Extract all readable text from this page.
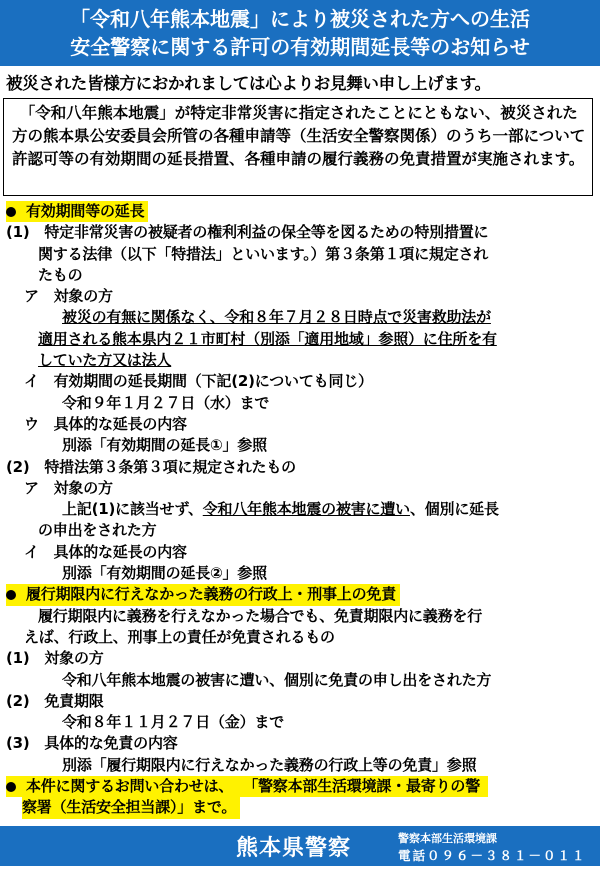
「令和八年熊本地震」により被災された方への生活
安全警察に関する許可の有効期間延長等のお知らせ
被災された皆様方におかれましては心よりお見舞い申し上げます。
　「令和八年熊本地震」が特定非常災害に指定されたことにともない、被災された方の熊本県公安委員会所管の各種申請等（生活安全警察関係）のうち一部について許認可等の有効期間の延長措置、各種申請の履行義務の免責措置が実施されます。
有効期間等の延長
(1)　特定非常災害の被疑者の権利利益の保全等を図るための特別措置に
関する法律（以下「特措法」といいます。）第３条第１項に規定され
たもの
ア　対象の方
被災の有無に関係なく、令和８年７月２８日時点で災害救助法が
適用される熊本県内２１市町村（別添「適用地域」参照）に住所を有
していた方又は法人
イ　有効期間の延長期間（下記(2)についても同じ）
令和９年１月２７日（水）まで
ウ　具体的な延長の内容
別添「有効期間の延長①」参照
(2)　特措法第３条第３項に規定されたもの
ア　対象の方
上記(1)に該当せず、令和八年熊本地震の被害に遭い、個別に延長
の申出をされた方
イ　具体的な延長の内容
別添「有効期間の延長②」参照
履行期限内に行えなかった義務の行政上・刑事上の免責
履行期限内に義務を行えなかった場合でも、免責期限内に義務を行
えば、行政上、刑事上の責任が免責されるもの
(1)　対象の方
令和八年熊本地震の被害に遭い、個別に免責の申し出をされた方
(2)　免責期限
令和８年１１月２７日（金）まで
(3)　具体的な免責の内容
別添「履行期限内に行えなかった義務の行政上等の免責」参照
本件に関するお問い合わせは、 「警察本部生活環境課・最寄りの警
察署（生活安全担当課）」まで。
熊本県警察	警察本部生活環境課
電話０９６－３８１－０１１０
